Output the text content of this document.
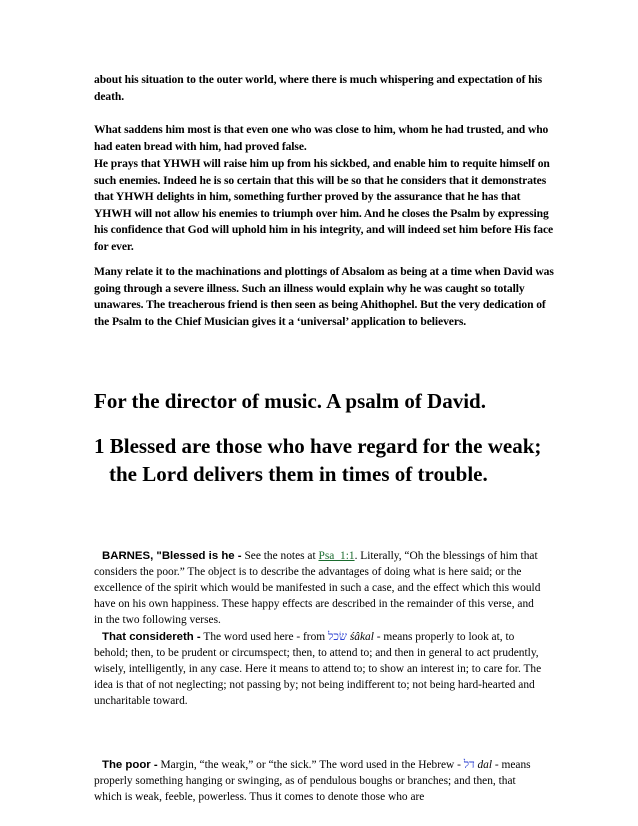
about his situation to the outer world, where there is much whispering and expectation of his death.

What saddens him most is that even one who was close to him, whom he had trusted, and who had eaten bread with him, had proved false.

He prays that YHWH will raise him up from his sickbed, and enable him to requite himself on such enemies. Indeed he is so certain that this will be so that he considers that it demonstrates that YHWH delights in him, something further proved by the assurance that he has that YHWH will not allow his enemies to triumph over him. And he closes the Psalm by expressing his confidence that God will uphold him in his integrity, and will indeed set him before His face for ever.

Many relate it to the machinations and plottings of Absalom as being at a time when David was going through a severe illness. Such an illness would explain why he was caught so totally unawares. The treacherous friend is then seen as being Ahithophel. But the very dedication of the Psalm to the Chief Musician gives it a ‘universal’ application to believers.

For the director of music. A psalm of David.
1 Blessed are those who have regard for the weak;
the Lord delivers them in times of trouble.

BARNES, "Blessed is he - See the notes at Psa_1:1. Literally, “Oh the blessings of him that considers the poor.” The object is to describe the advantages of doing what is here said; or the excellence of the spirit which would be manifested in such a case, and the effect which this would have on his own happiness. These happy effects are described in the remainder of this verse, and in the two following verses.

That considereth - The word used here - from שׂכל śâkal - means properly to look at, to behold; then, to be prudent or circumspect; then, to attend to; and then in general to act prudently, wisely, intelligently, in any case. Here it means to attend to; to show an interest in; to care for. The idea is that of not neglecting; not passing by; not being indifferent to; not being hard-hearted and uncharitable toward.

The poor - Margin, “the weak,” or “the sick.” The word used in the Hebrew - דל dal - means properly something hanging or swinging, as of pendulous boughs or branches; and then, that which is weak, feeble, powerless. Thus it comes to denote those who are
